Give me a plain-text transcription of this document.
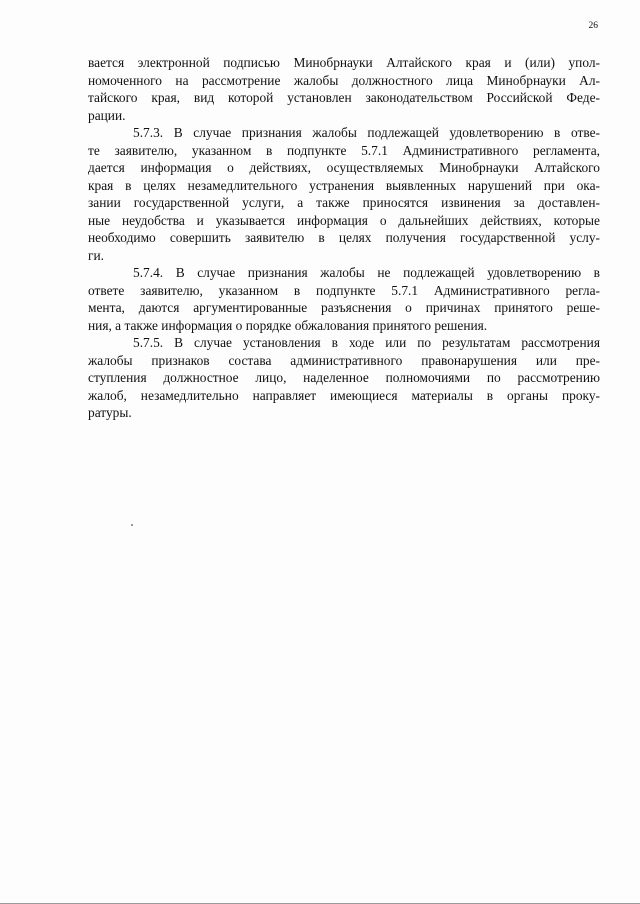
26
вается электронной подписью Минобрнауки Алтайского края и (или) упол-
номоченного на рассмотрение жалобы должностного лица Минобрнауки Ал-
тайского края, вид которой установлен законодательством Российской Феде-
рации.
5.7.3. В случае признания жалобы подлежащей удовлетворению в отве-
те заявителю, указанном в подпункте 5.7.1 Административного регламента,
дается информация о действиях, осуществляемых Минобрнауки Алтайского
края в целях незамедлительного устранения выявленных нарушений при ока-
зании государственной услуги, а также приносятся извинения за доставлен-
ные неудобства и указывается информация о дальнейших действиях, которые
необходимо совершить заявителю в целях получения государственной услу-
ги.
5.7.4. В случае признания жалобы не подлежащей удовлетворению в
ответе заявителю, указанном в подпункте 5.7.1 Административного регла-
мента, даются аргументированные разъяснения о причинах принятого реше-
ния, а также информация о порядке обжалования принятого решения.
5.7.5. В случае установления в ходе или по результатам рассмотрения
жалобы признаков состава административного правонарушения или пре-
ступления должностное лицо, наделенное полномочиями по рассмотрению
жалоб, незамедлительно направляет имеющиеся материалы в органы проку-
ратуры.
